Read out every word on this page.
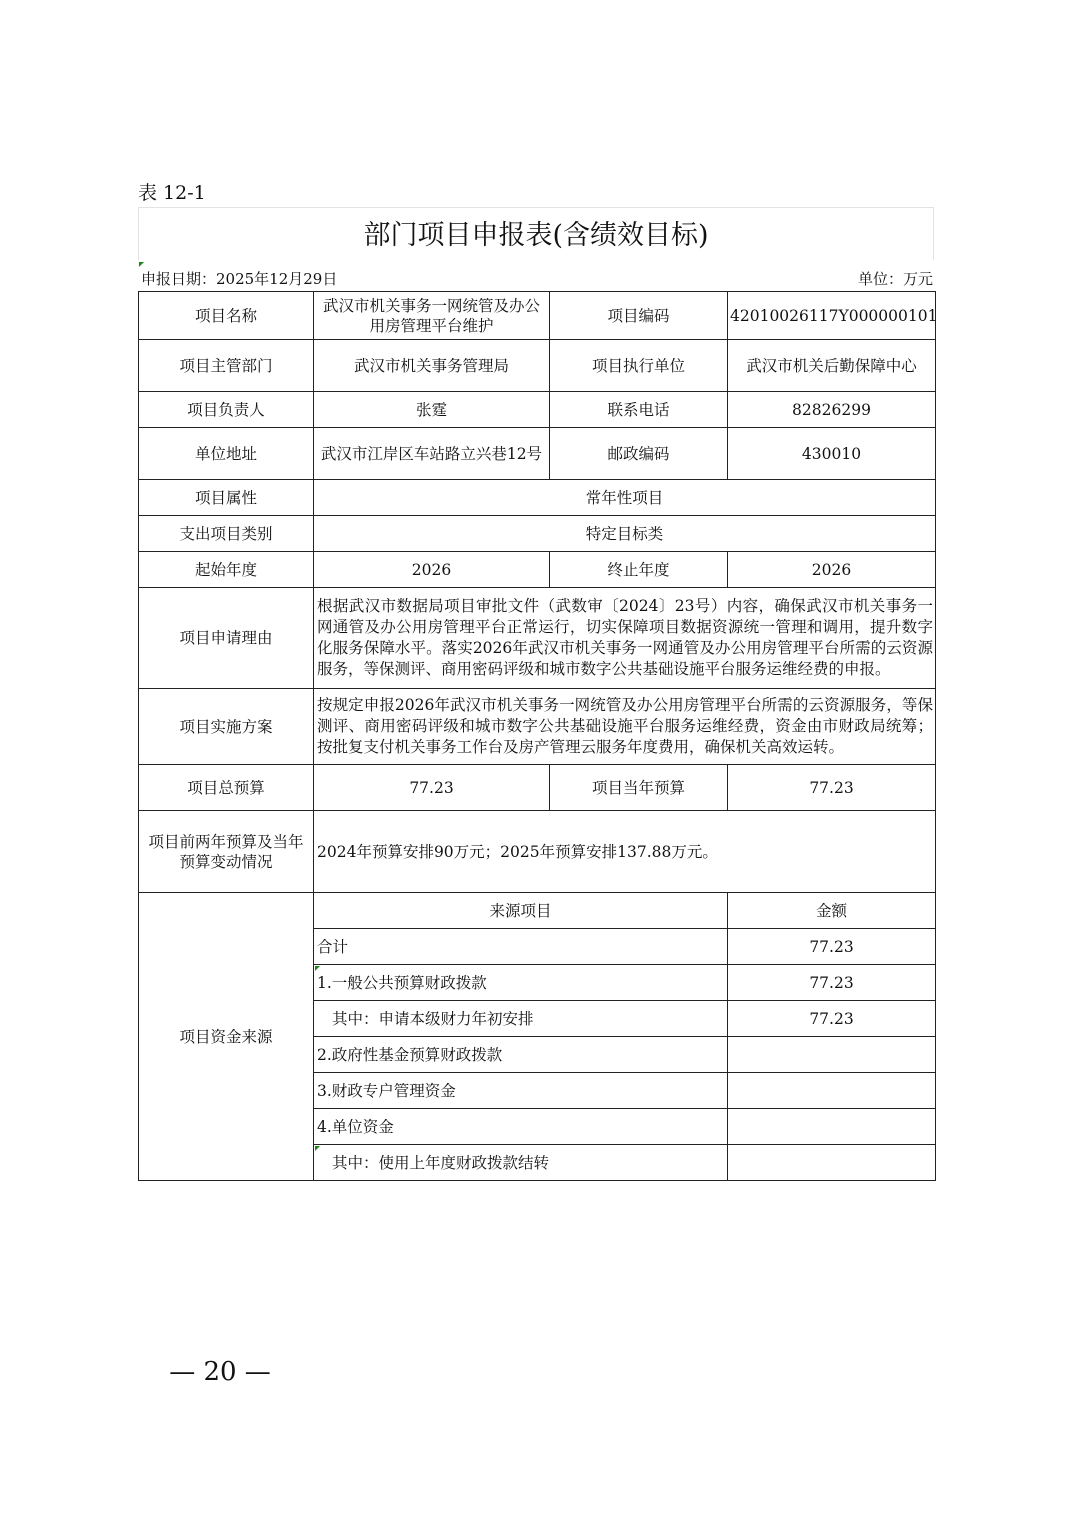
表 12-1
部门项目申报表(含绩效目标)
申报日期：2025年12月29日	单位：万元
项目名称	武汉市机关事务一网统管及办公用房管理平台维护	项目编码	42010026117Y000000101
项目主管部门	武汉市机关事务管理局	项目执行单位	武汉市机关后勤保障中心
项目负责人	张霆	联系电话	82826299
单位地址	武汉市江岸区车站路立兴巷12号	邮政编码	430010
项目属性	常年性项目		
支出项目类别	特定目标类		
起始年度	2026	终止年度	2026
项目申请理由	根据武汉市数据局项目审批文件（武数审〔2024〕23号）内容，确保武汉市机关事务一网通管及办公用房管理平台正常运行，切实保障项目数据资源统一管理和调用，提升数字化服务保障水平。落实2026年武汉市机关事务一网通管及办公用房管理平台所需的云资源服务，等保测评、商用密码评级和城市数字公共基础设施平台服务运维经费的申报。		
项目实施方案	按规定申报2026年武汉市机关事务一网统管及办公用房管理平台所需的云资源服务，等保测评、商用密码评级和城市数字公共基础设施平台服务运维经费，资金由市财政局统筹；按批复支付机关事务工作台及房产管理云服务年度费用，确保机关高效运转。		
项目总预算	77.23	项目当年预算	77.23
项目前两年预算及当年预算变动情况	2024年预算安排90万元；2025年预算安排137.88万元。		
项目资金来源	来源项目		金额
	合计		77.23

1.一般公共预算财政拨款		77.23
	其中：申请本级财力年初安排		77.23
	2.政府性基金预算财政拨款		
	3.财政专户管理资金		
	4.单位资金		

其中：使用上年度财政拨款结转		
— 20 —
